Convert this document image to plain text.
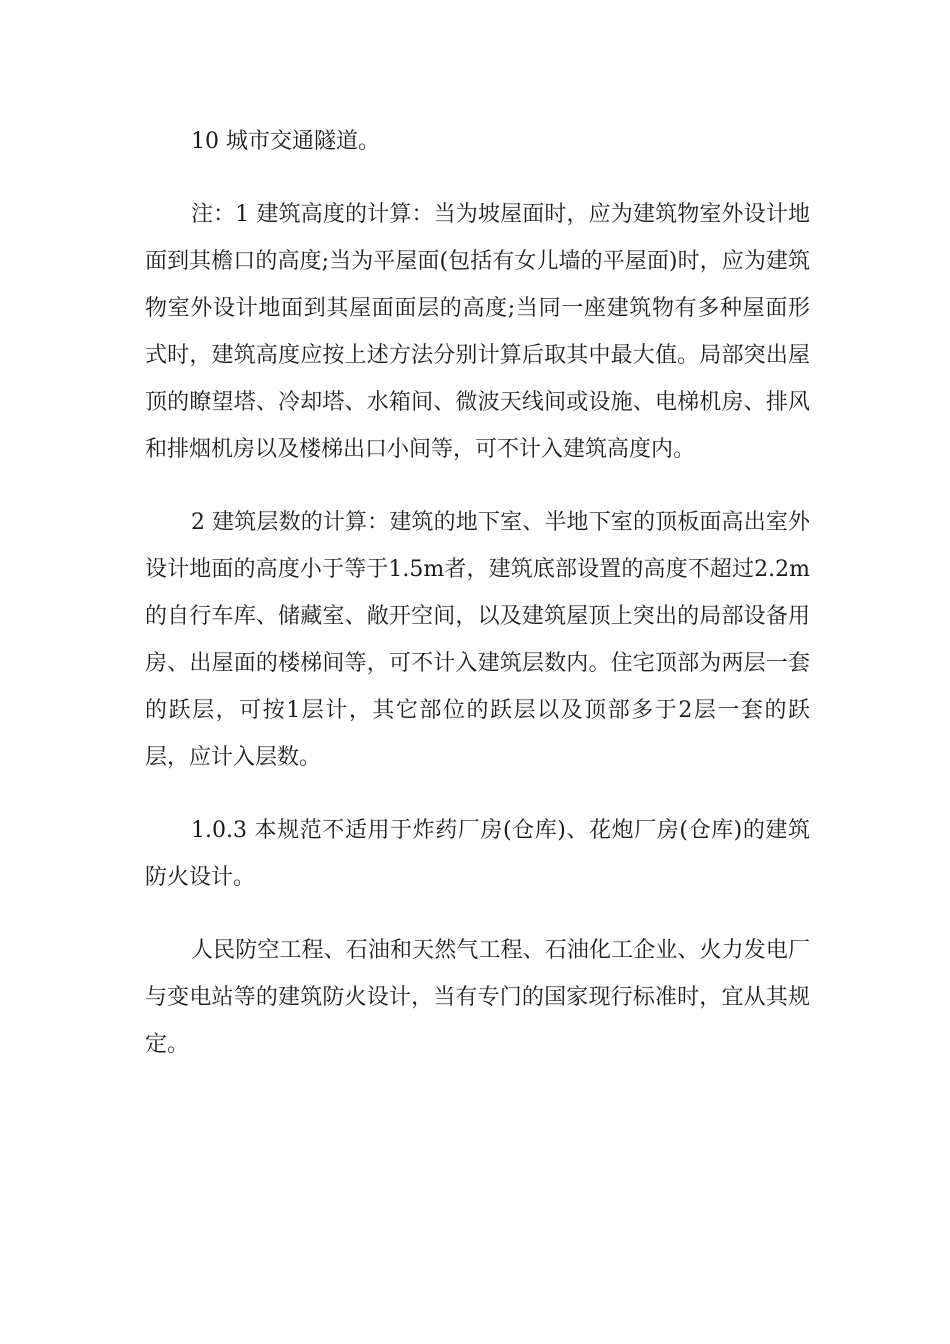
10 城市交通隧道。

注：1 建筑高度的计算：当为坡屋面时，应为建筑物室外设计地面到其檐口的高度;当为平屋面(包括有女儿墙的平屋面)时，应为建筑物室外设计地面到其屋面面层的高度;当同一座建筑物有多种屋面形式时，建筑高度应按上述方法分别计算后取其中最大值。局部突出屋顶的瞭望塔、冷却塔、水箱间、微波天线间或设施、电梯机房、排风和排烟机房以及楼梯出口小间等，可不计入建筑高度内。

2 建筑层数的计算：建筑的地下室、半地下室的顶板面高出室外设计地面的高度小于等于1.5m者，建筑底部设置的高度不超过2.2m的自行车库、储藏室、敞开空间，以及建筑屋顶上突出的局部设备用房、出屋面的楼梯间等，可不计入建筑层数内。住宅顶部为两层一套的跃层，可按1层计，其它部位的跃层以及顶部多于2层一套的跃层，应计入层数。

1.0.3 本规范不适用于炸药厂房(仓库)、花炮厂房(仓库)的建筑防火设计。

人民防空工程、石油和天然气工程、石油化工企业、火力发电厂与变电站等的建筑防火设计，当有专门的国家现行标准时，宜从其规定。
